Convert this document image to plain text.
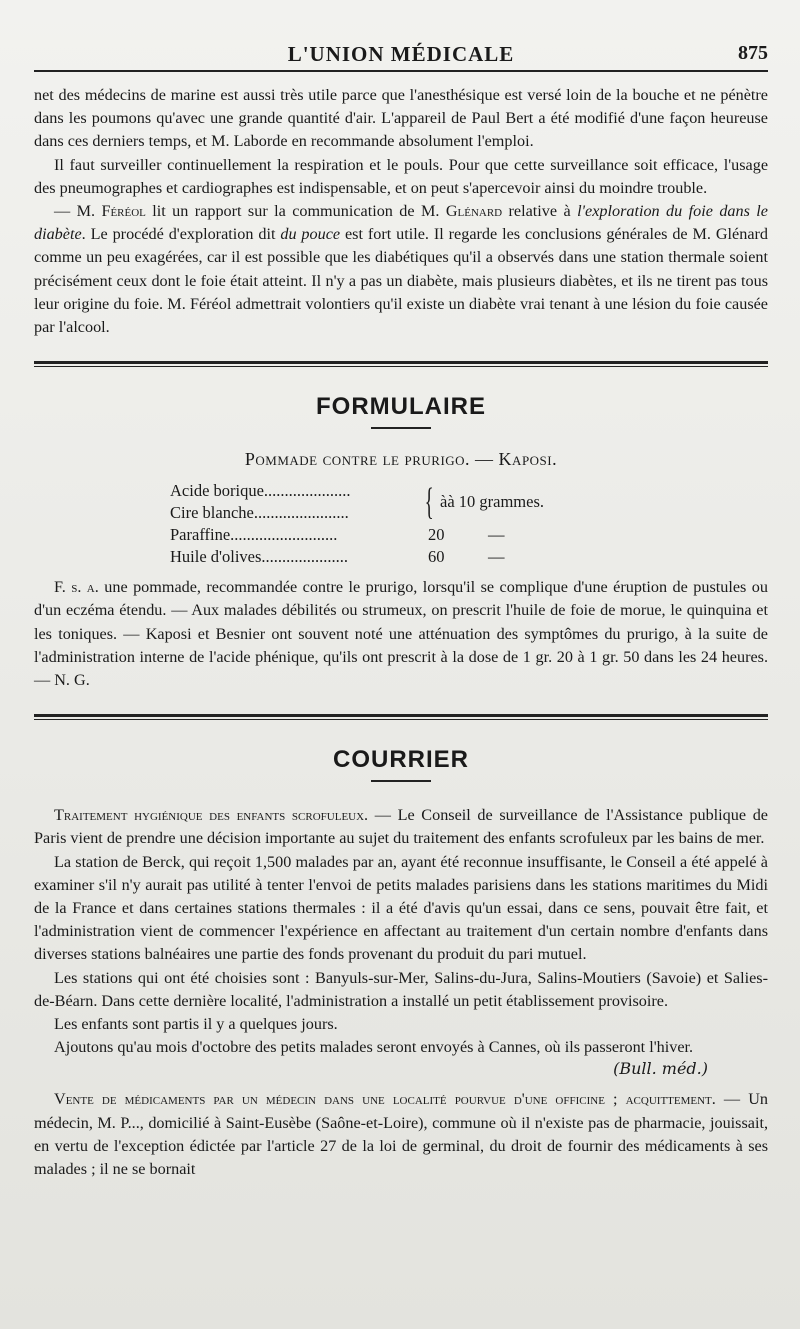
L'UNION MÉDICALE	875

net des médecins de marine est aussi très utile parce que l'anesthésique est versé loin de la bouche et ne pénètre dans les poumons qu'avec une grande quantité d'air. L'appareil de Paul Bert a été modifié d'une façon heureuse dans ces derniers temps, et M. Laborde en recommande absolument l'emploi.

Il faut surveiller continuellement la respiration et le pouls. Pour que cette surveillance soit efficace, l'usage des pneumographes et cardiographes est indispensable, et on peut s'apercevoir ainsi du moindre trouble.

— M. Féréol lit un rapport sur la communication de M. Glénard relative à l'exploration du foie dans le diabète. Le procédé d'exploration dit du pouce est fort utile. Il regarde les conclusions générales de M. Glénard comme un peu exagérées, car il est possible que les diabétiques qu'il a observés dans une station thermale soient précisément ceux dont le foie était atteint. Il n'y a pas un diabète, mais plusieurs diabètes, et ils ne tirent pas tous leur origine du foie. M. Féréol admettrait volontiers qu'il existe un diabète vrai tenant à une lésion du foie causée par l'alcool.

FORMULAIRE
Pommade contre le prurigo. — Kaposi.
Acide borique.....................
Cire blanche.......................	{ àà 10 grammes.
Paraffine..........................	20	—
Huile d'olives.....................	60	—

F. s. a. une pommade, recommandée contre le prurigo, lorsqu'il se complique d'une éruption de pustules ou d'un eczéma étendu. — Aux malades débilités ou strumeux, on prescrit l'huile de foie de morue, le quinquina et les toniques. — Kaposi et Besnier ont souvent noté une atténuation des symptômes du prurigo, à la suite de l'administration interne de l'acide phénique, qu'ils ont prescrit à la dose de 1 gr. 20 à 1 gr. 50 dans les 24 heures. — N. G.

COURRIER

Traitement hygiénique des enfants scrofuleux. — Le Conseil de surveillance de l'Assistance publique de Paris vient de prendre une décision importante au sujet du traitement des enfants scrofuleux par les bains de mer.

La station de Berck, qui reçoit 1,500 malades par an, ayant été reconnue insuffisante, le Conseil a été appelé à examiner s'il n'y aurait pas utilité à tenter l'envoi de petits malades parisiens dans les stations maritimes du Midi de la France et dans certaines stations thermales : il a été d'avis qu'un essai, dans ce sens, pouvait être fait, et l'administration vient de commencer l'expérience en affectant au traitement d'un certain nombre d'enfants dans diverses stations balnéaires une partie des fonds provenant du produit du pari mutuel.

Les stations qui ont été choisies sont : Banyuls-sur-Mer, Salins-du-Jura, Salins-Moutiers (Savoie) et Salies-de-Béarn. Dans cette dernière localité, l'administration a installé un petit établissement provisoire.

Les enfants sont partis il y a quelques jours.

Ajoutons qu'au mois d'octobre des petits malades seront envoyés à Cannes, où ils passeront l'hiver.

(Bull. méd.)

Vente de médicaments par un médecin dans une localité pourvue d'une officine ; acquittement. — Un médecin, M. P..., domicilié à Saint-Eusèbe (Saône-et-Loire), commune où il n'existe pas de pharmacie, jouissait, en vertu de l'exception édictée par l'article 27 de la loi de germinal, du droit de fournir des médicaments à ses malades ; il ne se bornait
